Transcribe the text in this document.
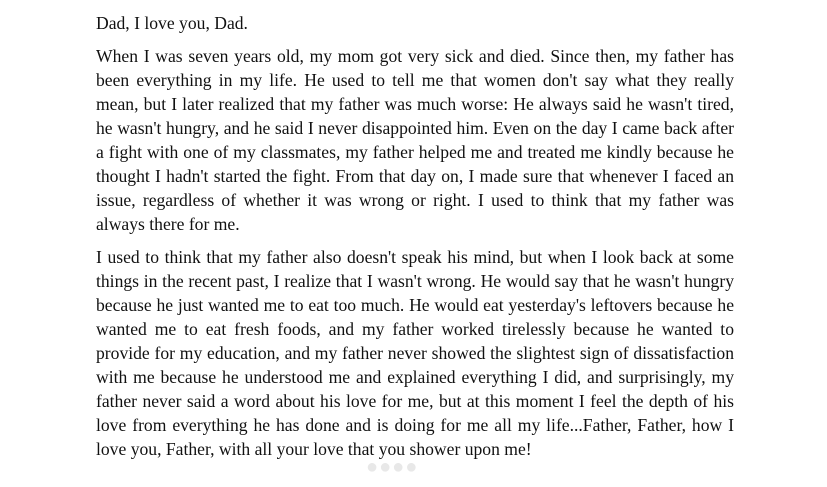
Dad, I love you, Dad.

When I was seven years old, my mom got very sick and died. Since then, my father has been everything in my life. He used to tell me that women don't say what they really mean, but I later realized that my father was much worse: He always said he wasn't tired, he wasn't hungry, and he said I never disappointed him. Even on the day I came back after a fight with one of my classmates, my father helped me and treated me kindly because he thought I hadn't started the fight. From that day on, I made sure that whenever I faced an issue, regardless of whether it was wrong or right. I used to think that my father was always there for me.

I used to think that my father also doesn't speak his mind, but when I look back at some things in the recent past, I realize that I wasn't wrong. He would say that he wasn't hungry because he just wanted me to eat too much. He would eat yesterday's leftovers because he wanted me to eat fresh foods, and my father worked tirelessly because he wanted to provide for my education, and my father never showed the slightest sign of dissatisfaction with me because he understood me and explained everything I did, and surprisingly, my father never said a word about his love for me, but at this moment I feel the depth of his love from everything he has done and is doing for me all my life...Father, Father, how I love you, Father, with all your love that you shower upon me!

●●●●
